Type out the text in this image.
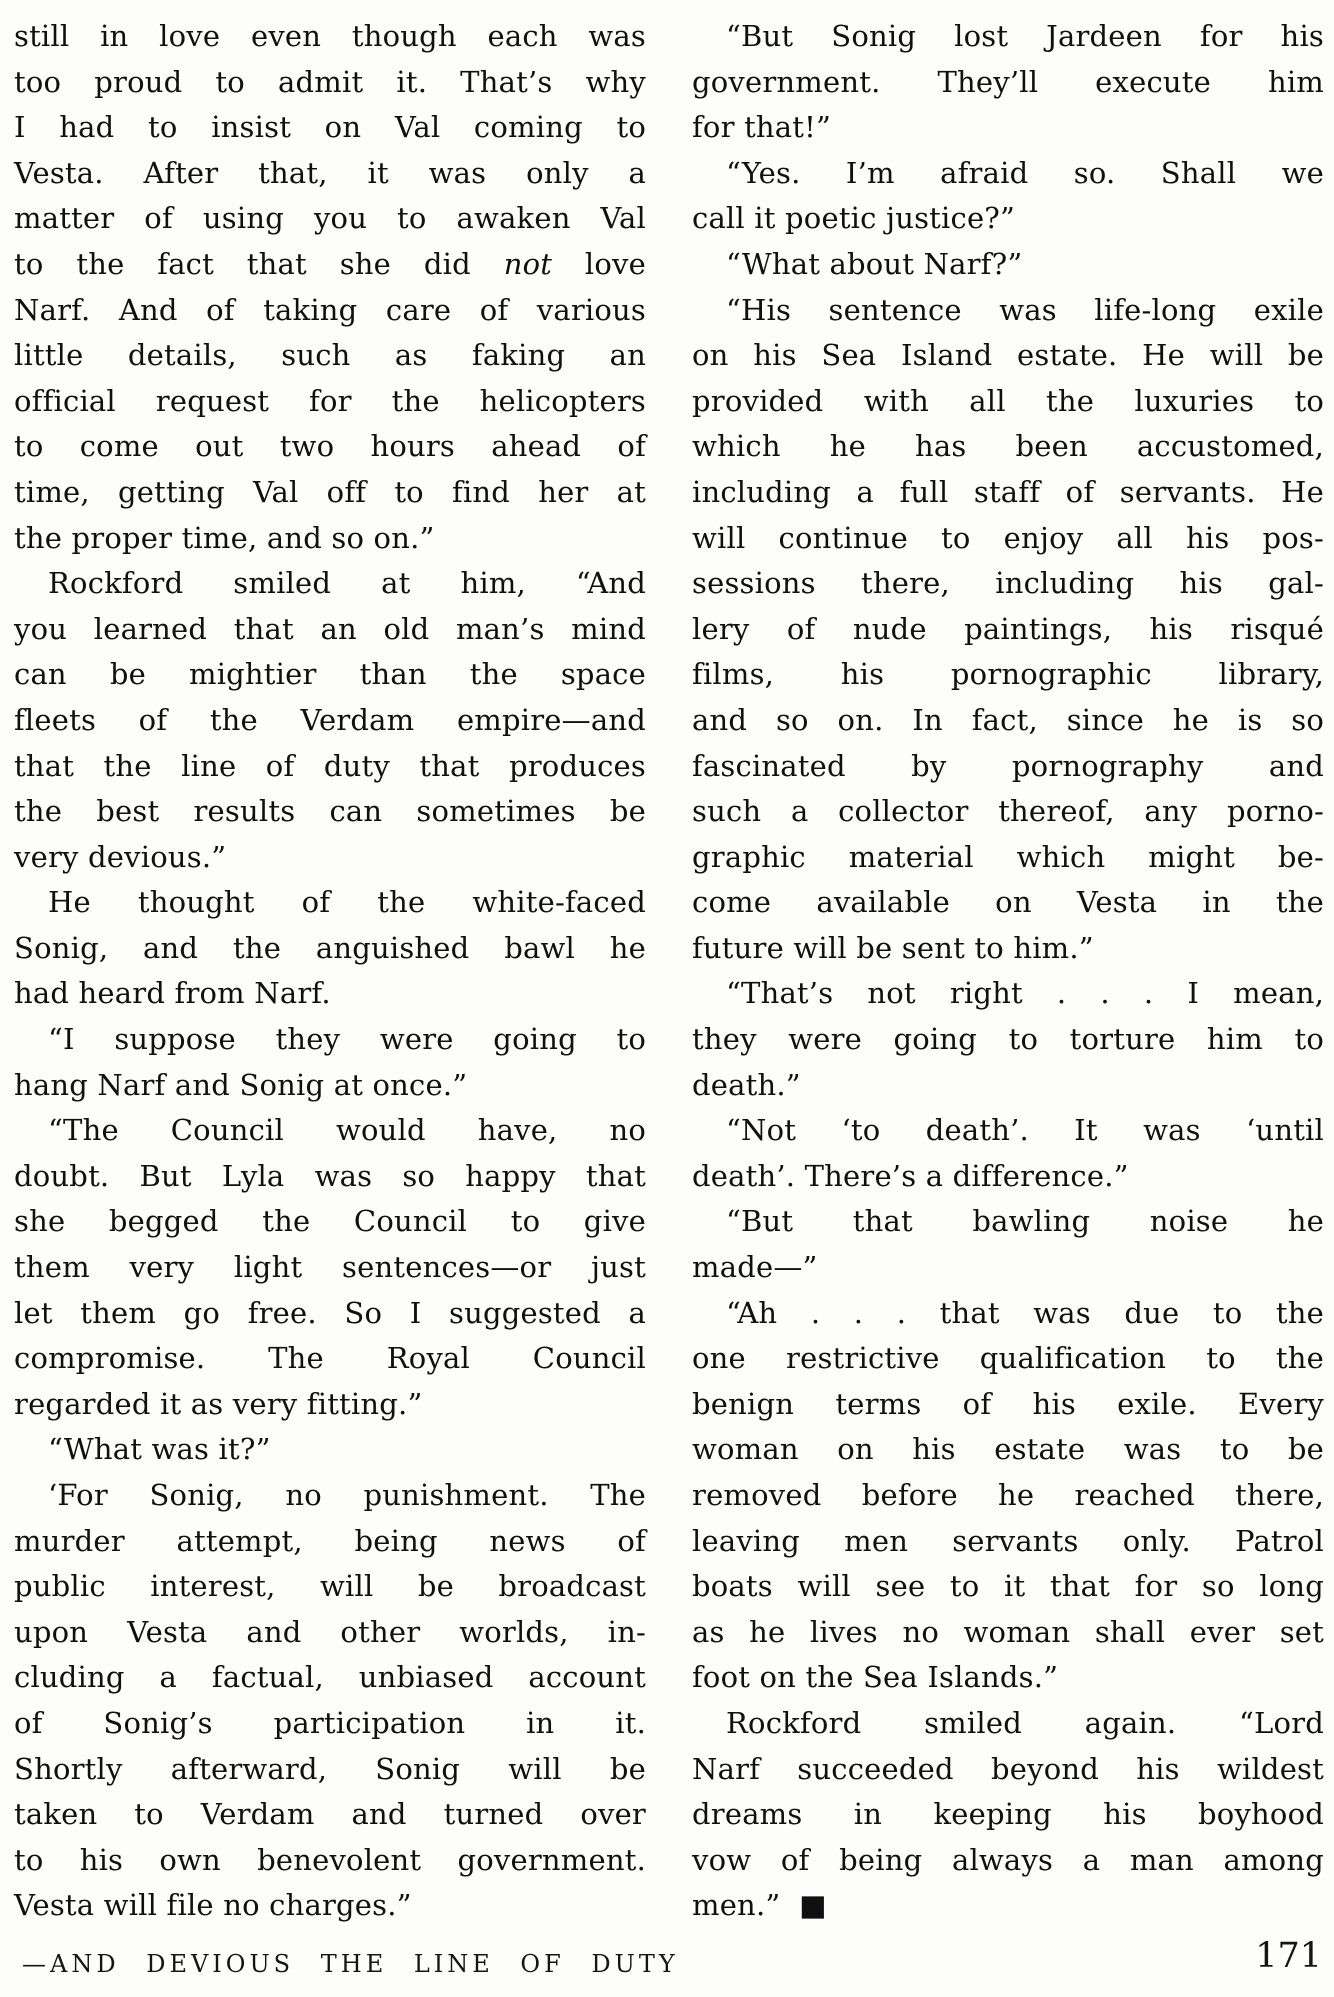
still in love even though each was
too proud to admit it. That’s why
I had to insist on Val coming to
Vesta. After that, it was only a
matter of using you to awaken Val
to the fact that she did not love
Narf. And of taking care of various
little details, such as faking an
official request for the helicopters
to come out two hours ahead of
time, getting Val off to find her at
the proper time, and so on.”
Rockford smiled at him, “And
you learned that an old man’s mind
can be mightier than the space
fleets of the Verdam empire—and
that the line of duty that produces
the best results can sometimes be
very devious.”
He thought of the white-faced
Sonig, and the anguished bawl he
had heard from Narf.
“I suppose they were going to
hang Narf and Sonig at once.”
“The Council would have, no
doubt. But Lyla was so happy that
she begged the Council to give
them very light sentences—or just
let them go free. So I suggested a
compromise. The Royal Council
regarded it as very fitting.”
“What was it?”
‘For Sonig, no punishment. The
murder attempt, being news of
public interest, will be broadcast
upon Vesta and other worlds, in-
cluding a factual, unbiased account
of Sonig’s participation in it.
Shortly afterward, Sonig will be
taken to Verdam and turned over
to his own benevolent government.
Vesta will file no charges.”
“But Sonig lost Jardeen for his
government. They’ll execute him
for that!”
“Yes. I’m afraid so. Shall we
call it poetic justice?”
“What about Narf?”
“His sentence was life-long exile
on his Sea Island estate. He will be
provided with all the luxuries to
which he has been accustomed,
including a full staff of servants. He
will continue to enjoy all his pos-
sessions there, including his gal-
lery of nude paintings, his risqué
films, his pornographic library,
and so on. In fact, since he is so
fascinated by pornography and
such a collector thereof, any porno-
graphic material which might be-
come available on Vesta in the
future will be sent to him.”
“That’s not right . . . I mean,
they were going to torture him to
death.”
“Not ‘to death’. It was ‘until
death’. There’s a difference.”
“But that bawling noise he
made—”
“Ah . . . that was due to the
one restrictive qualification to the
benign terms of his exile. Every
woman on his estate was to be
removed before he reached there,
leaving men servants only. Patrol
boats will see to it that for so long
as he lives no woman shall ever set
foot on the Sea Islands.”
Rockford smiled again. “Lord
Narf succeeded beyond his wildest
dreams in keeping his boyhood
vow of being always a man among
men.”  ■
—AND DEVIOUS THE LINE OF DUTY	171
